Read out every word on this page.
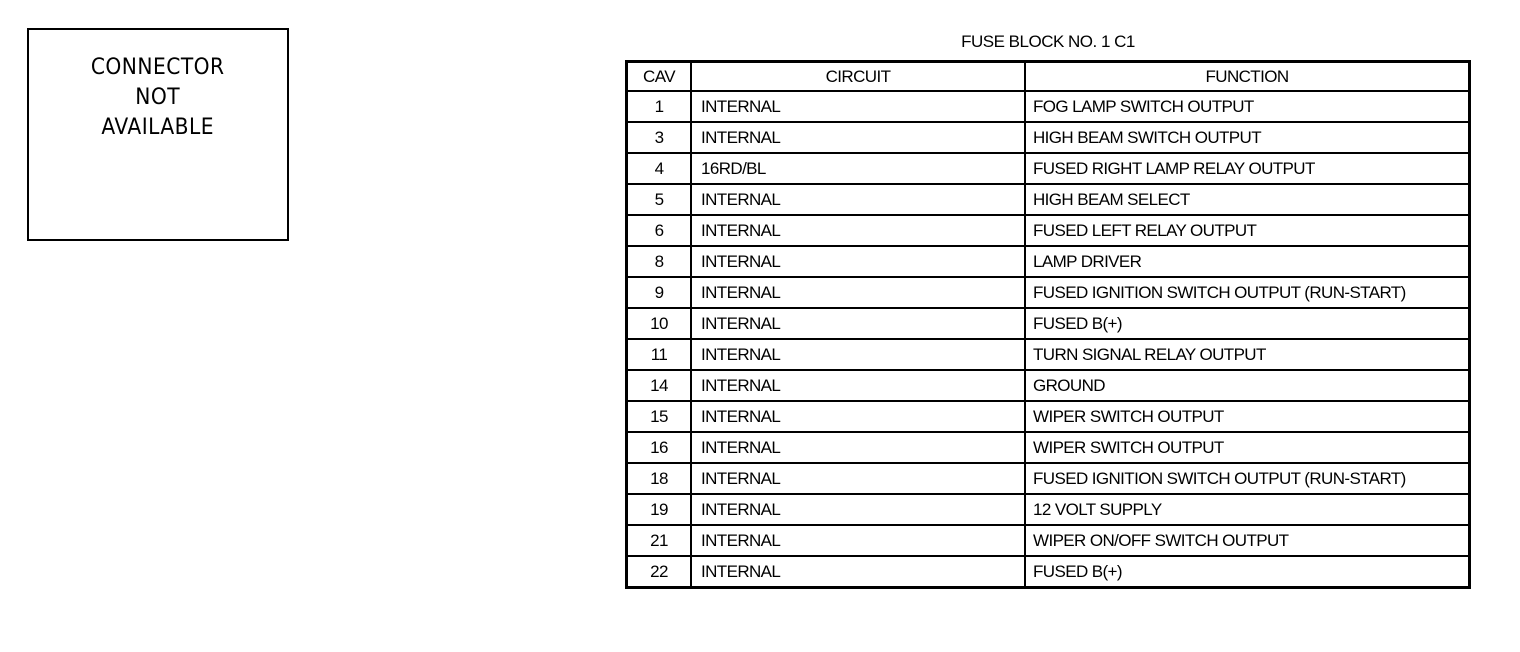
CONNECTOR
NOT
AVAILABLE
FUSE BLOCK NO. 1 C1
CAV	CIRCUIT	FUNCTION
1	INTERNAL	FOG LAMP SWITCH OUTPUT
3	INTERNAL	HIGH BEAM SWITCH OUTPUT
4	16RD/BL	FUSED RIGHT LAMP RELAY OUTPUT
5	INTERNAL	HIGH BEAM SELECT
6	INTERNAL	FUSED LEFT RELAY OUTPUT
8	INTERNAL	LAMP DRIVER
9	INTERNAL	FUSED IGNITION SWITCH OUTPUT (RUN-START)
10	INTERNAL	FUSED B(+)
11	INTERNAL	TURN SIGNAL RELAY OUTPUT
14	INTERNAL	GROUND
15	INTERNAL	WIPER SWITCH OUTPUT
16	INTERNAL	WIPER SWITCH OUTPUT
18	INTERNAL	FUSED IGNITION SWITCH OUTPUT (RUN-START)
19	INTERNAL	12 VOLT SUPPLY
21	INTERNAL	WIPER ON/OFF SWITCH OUTPUT
22	INTERNAL	FUSED B(+)
